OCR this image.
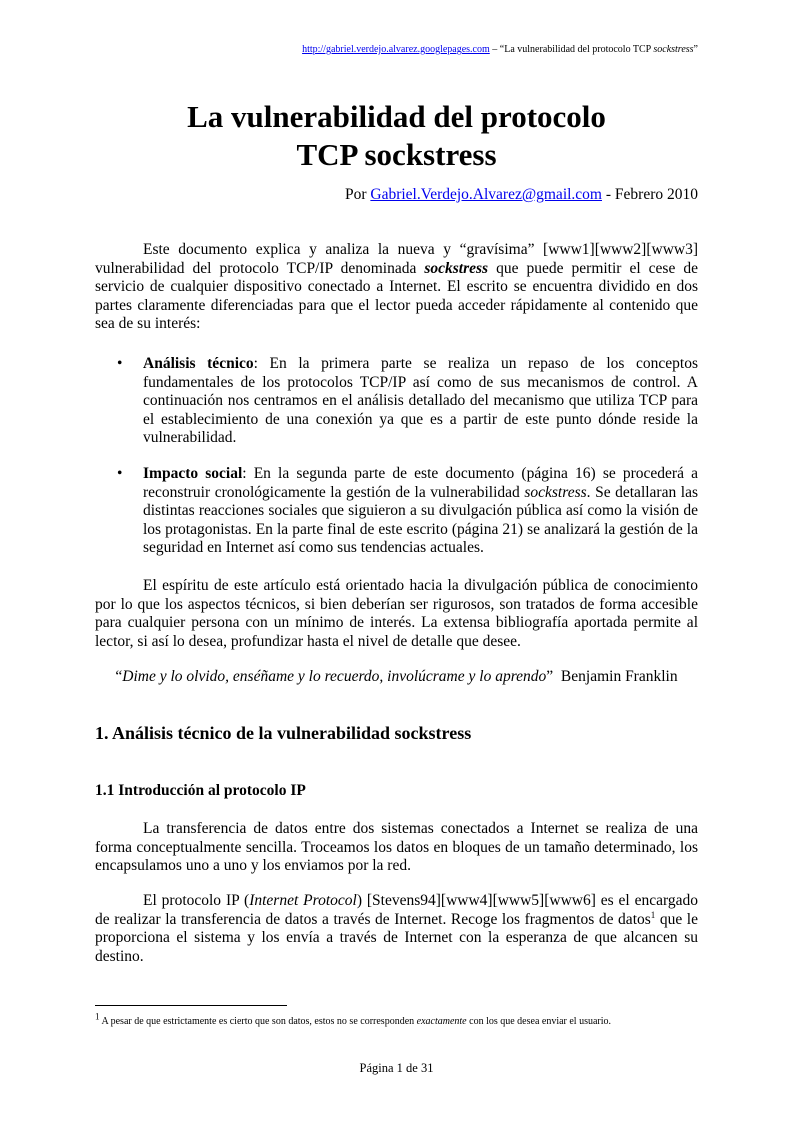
http://gabriel.verdejo.alvarez.googlepages.com – “La vulnerabilidad del protocolo TCP sockstress”
La vulnerabilidad del protocolo
TCP sockstress
Por Gabriel.Verdejo.Alvarez@gmail.com - Febrero 2010

Este documento explica y analiza la nueva y “gravísima” [www1][www2][www3] vulnerabilidad del protocolo TCP/IP denominada sockstress que puede permitir el cese de servicio de cualquier dispositivo conectado a Internet. El escrito se encuentra dividido en dos partes claramente diferenciadas para que el lector pueda acceder rápidamente al contenido que sea de su interés:

• Análisis técnico: En la primera parte se realiza un repaso de los conceptos fundamentales de los protocolos TCP/IP así como de sus mecanismos de control. A continuación nos centramos en el análisis detallado del mecanismo que utiliza TCP para el establecimiento de una conexión ya que es a partir de este punto dónde reside la vulnerabilidad.
• Impacto social: En la segunda parte de este documento (página 16) se procederá a reconstruir cronológicamente la gestión de la vulnerabilidad sockstress. Se detallaran las distintas reacciones sociales que siguieron a su divulgación pública así como la visión de los protagonistas. En la parte final de este escrito (página 21) se analizará la gestión de la seguridad en Internet así como sus tendencias actuales.

El espíritu de este artículo está orientado hacia la divulgación pública de conocimiento por lo que los aspectos técnicos, si bien deberían ser rigurosos, son tratados de forma accesible para cualquier persona con un mínimo de interés. La extensa bibliografía aportada permite al lector, si así lo desea, profundizar hasta el nivel de detalle que desee.

“Dime y lo olvido, enséñame y lo recuerdo, involúcrame y lo aprendo” Benjamin Franklin
1. Análisis técnico de la vulnerabilidad sockstress
1.1 Introducción al protocolo IP

La transferencia de datos entre dos sistemas conectados a Internet se realiza de una forma conceptualmente sencilla. Troceamos los datos en bloques de un tamaño determinado, los encapsulamos uno a uno y los enviamos por la red.

El protocolo IP (Internet Protocol) [Stevens94][www4][www5][www6] es el encargado de realizar la transferencia de datos a través de Internet. Recoge los fragmentos de datos$^1$ que le proporciona el sistema y los envía a través de Internet con la esperanza de que alcancen su destino.

$^1$ A pesar de que estrictamente es cierto que son datos, estos no se corresponden exactamente con los que desea enviar el usuario.
Página 1 de 31
